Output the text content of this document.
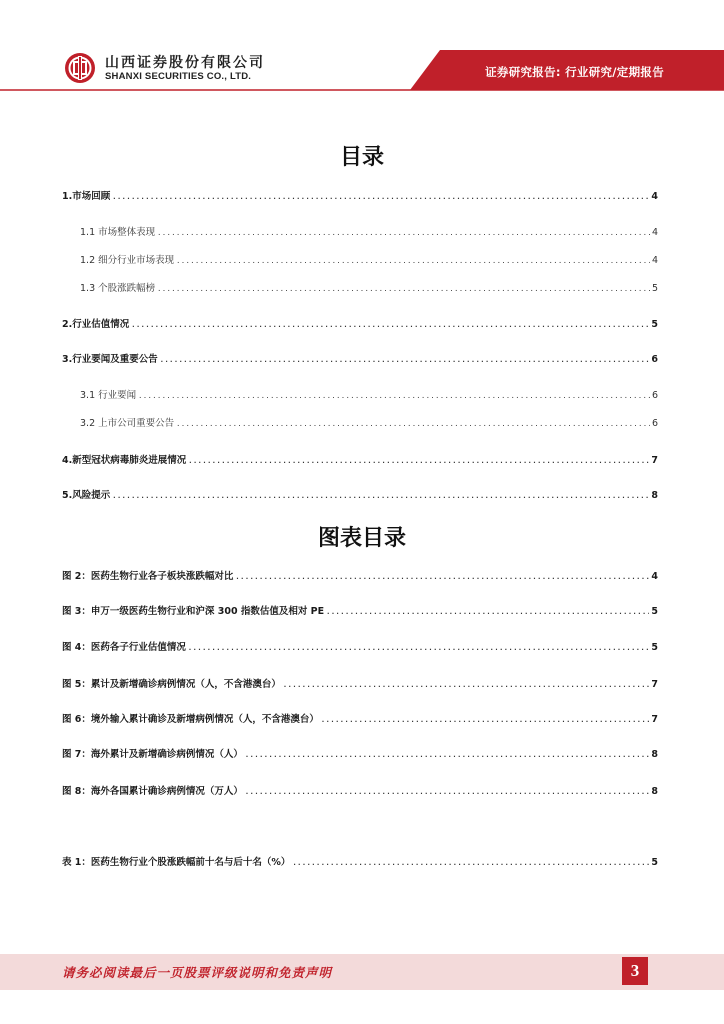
山西证券股份有限公司
SHANXI SECURITIES CO., LTD.	证券研究报告: 行业研究/定期报告
目录
1.市场回顾 .....	4
1.1 市场整体表现 .....	4
1.2 细分行业市场表现 .....	4
1.3 个股涨跌幅榜 .....	5
2.行业估值情况 .....	5
3.行业要闻及重要公告 .....	6
3.1 行业要闻 .....	6
3.2 上市公司重要公告 .....	6
4.新型冠状病毒肺炎进展情况 .....	7
5.风险提示 .....	8
图表目录
图 2：医药生物行业各子板块涨跌幅对比 .....	4
图 3：申万一级医药生物行业和沪深 300 指数估值及相对 PE .....	5
图 4：医药各子行业估值情况 .....	5
图 5：累计及新增确诊病例情况（人，不含港澳台） .....	7
图 6：境外输入累计确诊及新增病例情况（人，不含港澳台） .....	7
图 7：海外累计及新增确诊病例情况（人） .....	8
图 8：海外各国累计确诊病例情况（万人） .....	8
表 1：医药生物行业个股涨跌幅前十名与后十名（%） .....	5
请务必阅读最后一页股票评级说明和免责声明	3
